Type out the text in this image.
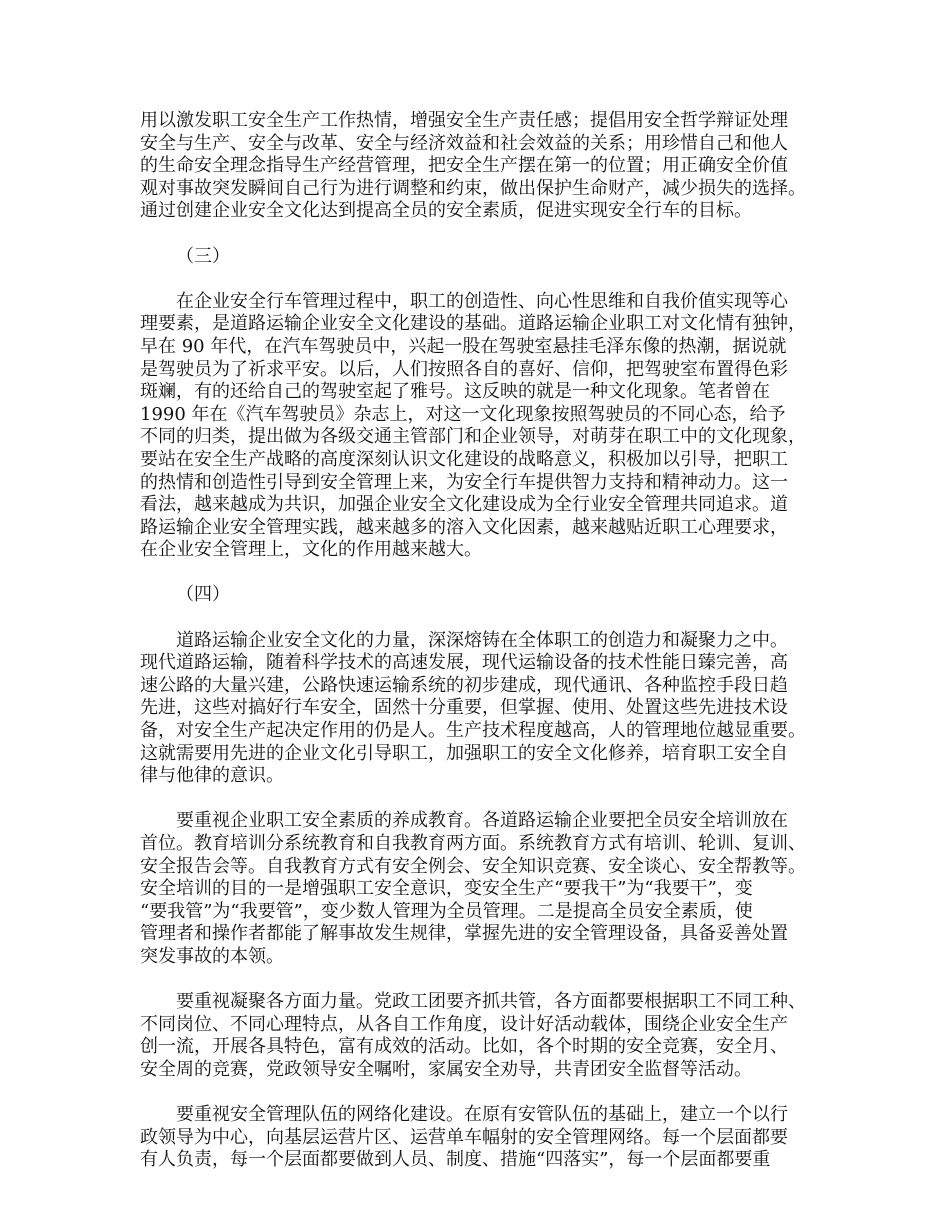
用以激发职工安全生产工作热情，增强安全生产责任感；提倡用安全哲学辩证处理
安全与生产、安全与改革、安全与经济效益和社会效益的关系；用珍惜自己和他人
的生命安全理念指导生产经营管理，把安全生产摆在第一的位置；用正确安全价值
观对事故突发瞬间自己行为进行调整和约束，做出保护生命财产，减少损失的选择。
通过创建企业安全文化达到提高全员的安全素质，促进实现安全行车的目标。
（三）
在企业安全行车管理过程中，职工的创造性、向心性思维和自我价值实现等心
理要素，是道路运输企业安全文化建设的基础。道路运输企业职工对文化情有独钟，
早在 90 年代，在汽车驾驶员中，兴起一股在驾驶室悬挂毛泽东像的热潮，据说就
是驾驶员为了祈求平安。以后，人们按照各自的喜好、信仰，把驾驶室布置得色彩
斑斓，有的还给自己的驾驶室起了雅号。这反映的就是一种文化现象。笔者曾在
1990 年在《汽车驾驶员》杂志上，对这一文化现象按照驾驶员的不同心态，给予
不同的归类，提出做为各级交通主管部门和企业领导，对萌芽在职工中的文化现象，
要站在安全生产战略的高度深刻认识文化建设的战略意义，积极加以引导，把职工
的热情和创造性引导到安全管理上来，为安全行车提供智力支持和精神动力。这一
看法，越来越成为共识，加强企业安全文化建设成为全行业安全管理共同追求。道
路运输企业安全管理实践，越来越多的溶入文化因素，越来越贴近职工心理要求，
在企业安全管理上，文化的作用越来越大。
（四）
道路运输企业安全文化的力量，深深熔铸在全体职工的创造力和凝聚力之中。
现代道路运输，随着科学技术的高速发展，现代运输设备的技术性能日臻完善，高
速公路的大量兴建，公路快速运输系统的初步建成，现代通讯、各种监控手段日趋
先进，这些对搞好行车安全，固然十分重要，但掌握、使用、处置这些先进技术设
备，对安全生产起决定作用的仍是人。生产技术程度越高，人的管理地位越显重要。
这就需要用先进的企业文化引导职工，加强职工的安全文化修养，培育职工安全自
律与他律的意识。
要重视企业职工安全素质的养成教育。各道路运输企业要把全员安全培训放在
首位。教育培训分系统教育和自我教育两方面。系统教育方式有培训、轮训、复训、
安全报告会等。自我教育方式有安全例会、安全知识竞赛、安全谈心、安全帮教等。
安全培训的目的一是增强职工安全意识，变安全生产“要我干”为“我要干”，变
“要我管”为“我要管”，变少数人管理为全员管理。二是提高全员安全素质，使
管理者和操作者都能了解事故发生规律，掌握先进的安全管理设备，具备妥善处置
突发事故的本领。
要重视凝聚各方面力量。党政工团要齐抓共管，各方面都要根据职工不同工种、
不同岗位、不同心理特点，从各自工作角度，设计好活动载体，围绕企业安全生产
创一流，开展各具特色，富有成效的活动。比如，各个时期的安全竞赛，安全月、
安全周的竞赛，党政领导安全嘱咐，家属安全劝导，共青团安全监督等活动。
要重视安全管理队伍的网络化建设。在原有安管队伍的基础上，建立一个以行
政领导为中心，向基层运营片区、运营单车幅射的安全管理网络。每一个层面都要
有人负责，每一个层面都要做到人员、制度、措施“四落实”，每一个层面都要重
